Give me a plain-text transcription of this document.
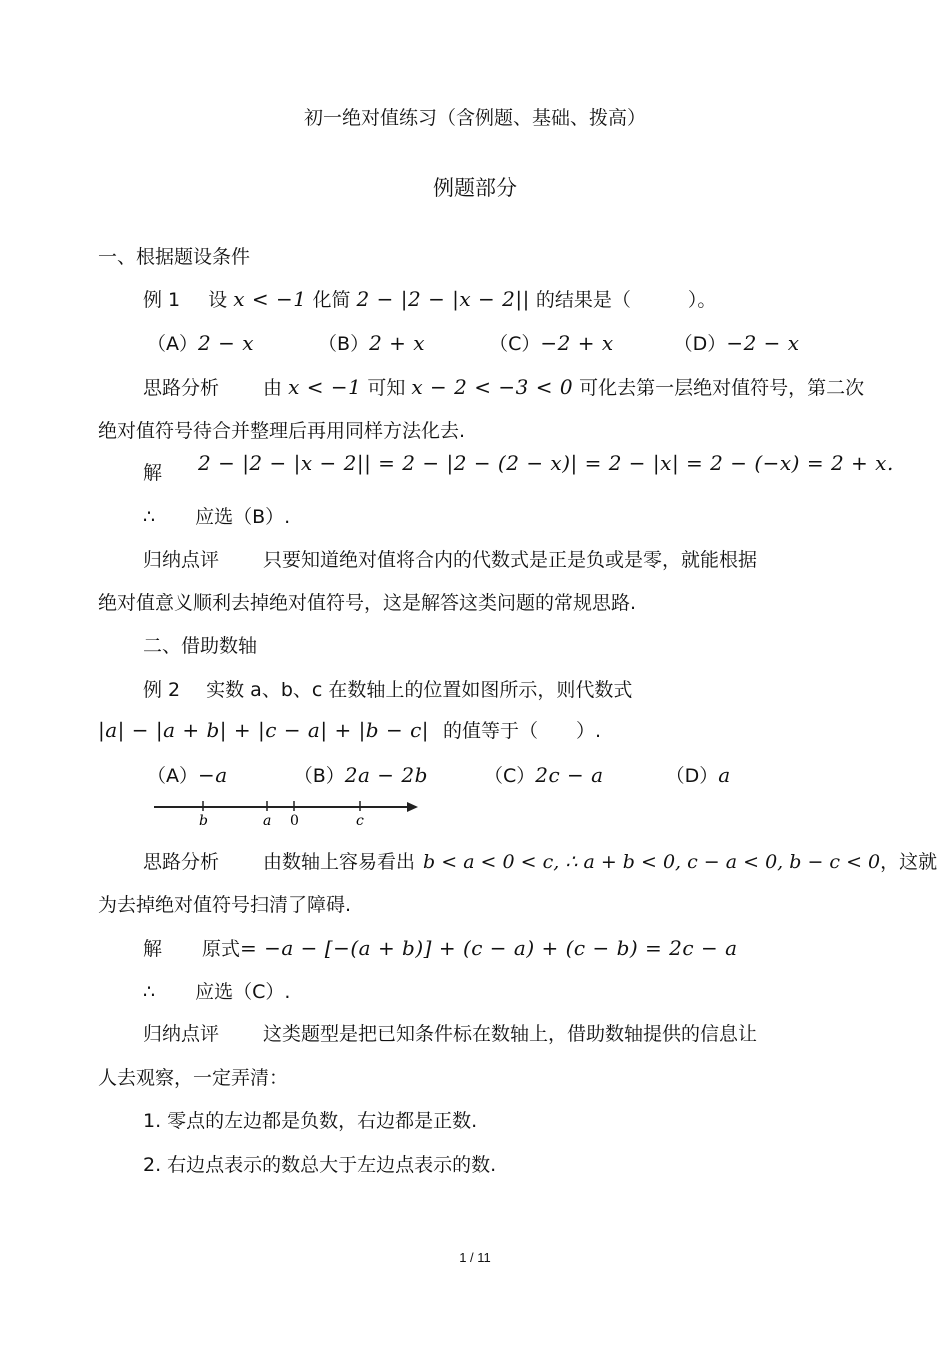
初一绝对值练习（含例题、基础、拨高）
例题部分
一、根据题设条件
例 1 设 x < −1 化简 2 − |2 − |x − 2|| 的结果是（　　　）。
（A）2 − x	（B）2 + x	（C）−2 + x	（D）−2 − x
思路分析 由 x < −1 可知 x − 2 < −3 < 0 可化去第一层绝对值符号，第二次
绝对值符号待合并整理后再用同样方法化去.
解 2 − |2 − |x − 2|| = 2 − |2 − (2 − x)| = 2 − |x| = 2 − (−x) = 2 + x.
∴ 应选（B）.
归纳点评 只要知道绝对值将合内的代数式是正是负或是零，就能根据
绝对值意义顺利去掉绝对值符号，这是解答这类问题的常规思路.
二、借助数轴
例 2 实数 a、b、c 在数轴上的位置如图所示，则代数式
|a| − |a + b| + |c − a| + |b − c| 的值等于（　　）.
（A）−a	（B）2a − 2b	（C）2c − a	（D）a
b	a 0	c
思路分析 由数轴上容易看出 b < a < 0 < c, ∴ a + b < 0, c − a < 0, b − c < 0，这就
为去掉绝对值符号扫清了障碍.
解 原式= −a − [−(a + b)] + (c − a) + (c − b) = 2c − a
∴ 应选（C）.
归纳点评 这类题型是把已知条件标在数轴上，借助数轴提供的信息让
人去观察，一定弄清：
1. 零点的左边都是负数，右边都是正数.
2. 右边点表示的数总大于左边点表示的数.
1 / 11
